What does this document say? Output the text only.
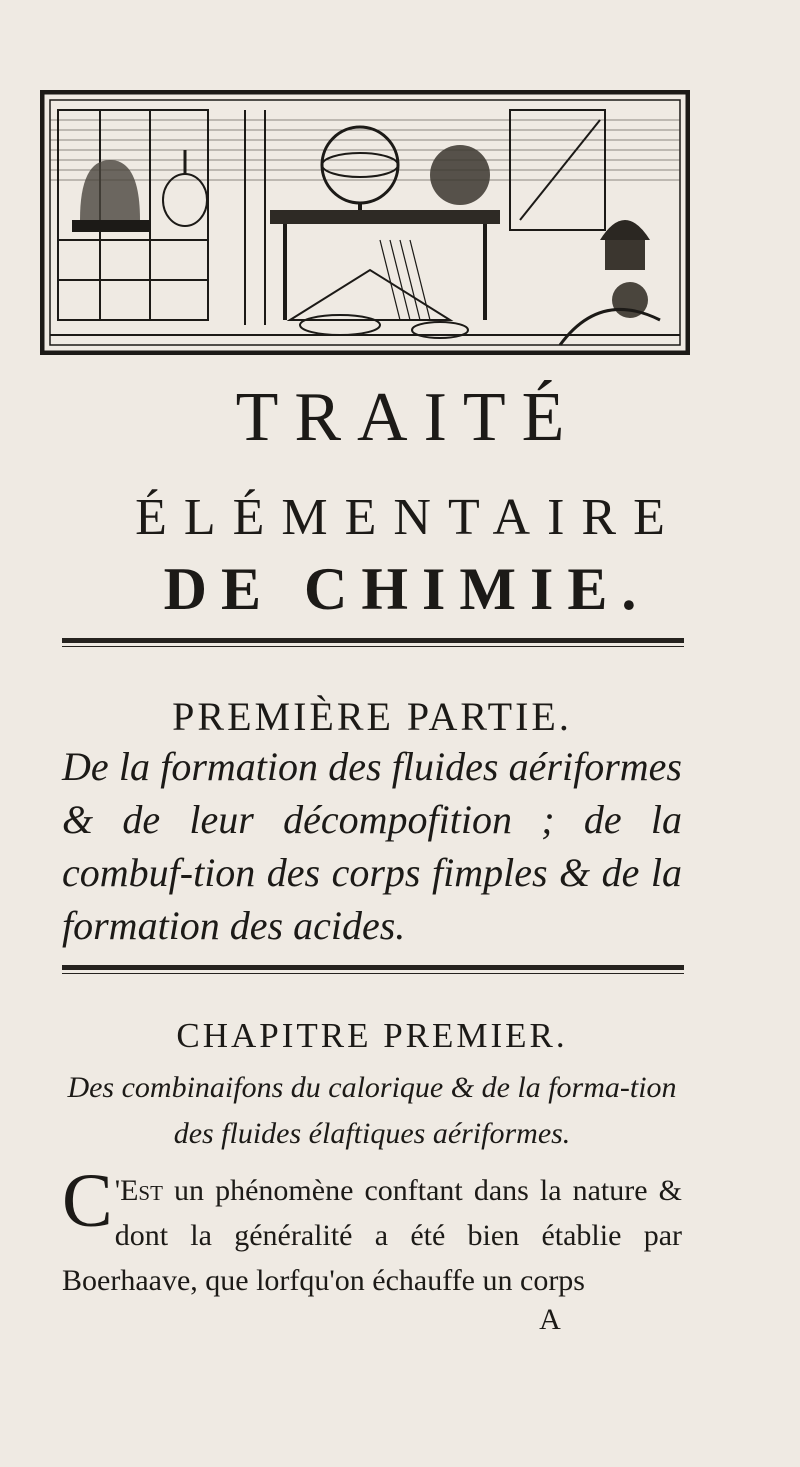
TRAITÉ
ÉLÉMENTAIRE
DE CHIMIE.
PREMIÈRE PARTIE.
De la formation des fluides aériformes & de leur décompofition ; de la combuf-tion des corps fimples & de la formation des acides.
CHAPITRE PREMIER.
Des combinaifons du calorique & de la forma-tion des fluides élaftiques aériformes.
C 'Est un phénomène conftant dans la nature & dont la généralité a été bien établie par Boerhaave, que lorfqu'on échauffe un corps
A
